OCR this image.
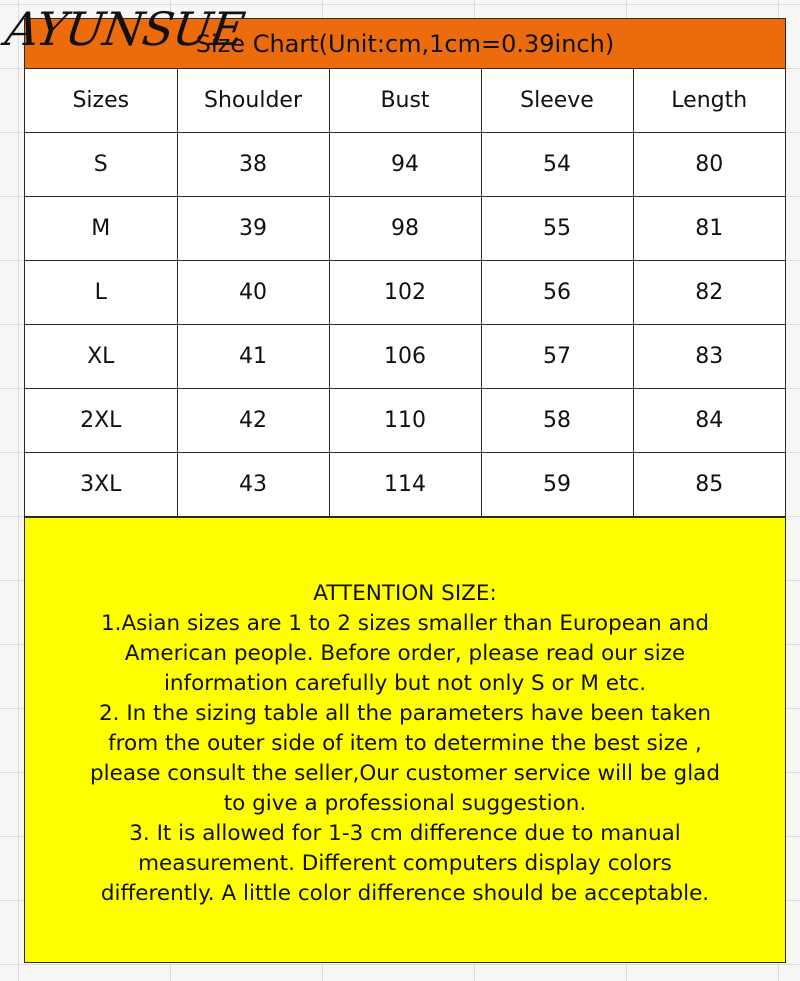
Size Chart(Unit:cm,1cm=0.39inch)
Sizes	Shoulder	Bust	Sleeve	Length
S	38	94	54	80
M	39	98	55	81
L	40	102	56	82
XL	41	106	57	83
2XL	42	110	58	84
3XL	43	114	59	85
ATTENTION SIZE:
1.Asian sizes are 1 to 2 sizes smaller than European and
American people. Before order, please read our size
information carefully but not only S or M etc.
2. In the sizing table all the parameters have been taken
from the outer side of item to determine the best size ,
please consult the seller,Our customer service will be glad
to give a professional suggestion.
3. It is allowed for 1-3 cm difference due to manual
measurement. Different computers display colors
differently. A little color difference should be acceptable.
AYUNSUE
